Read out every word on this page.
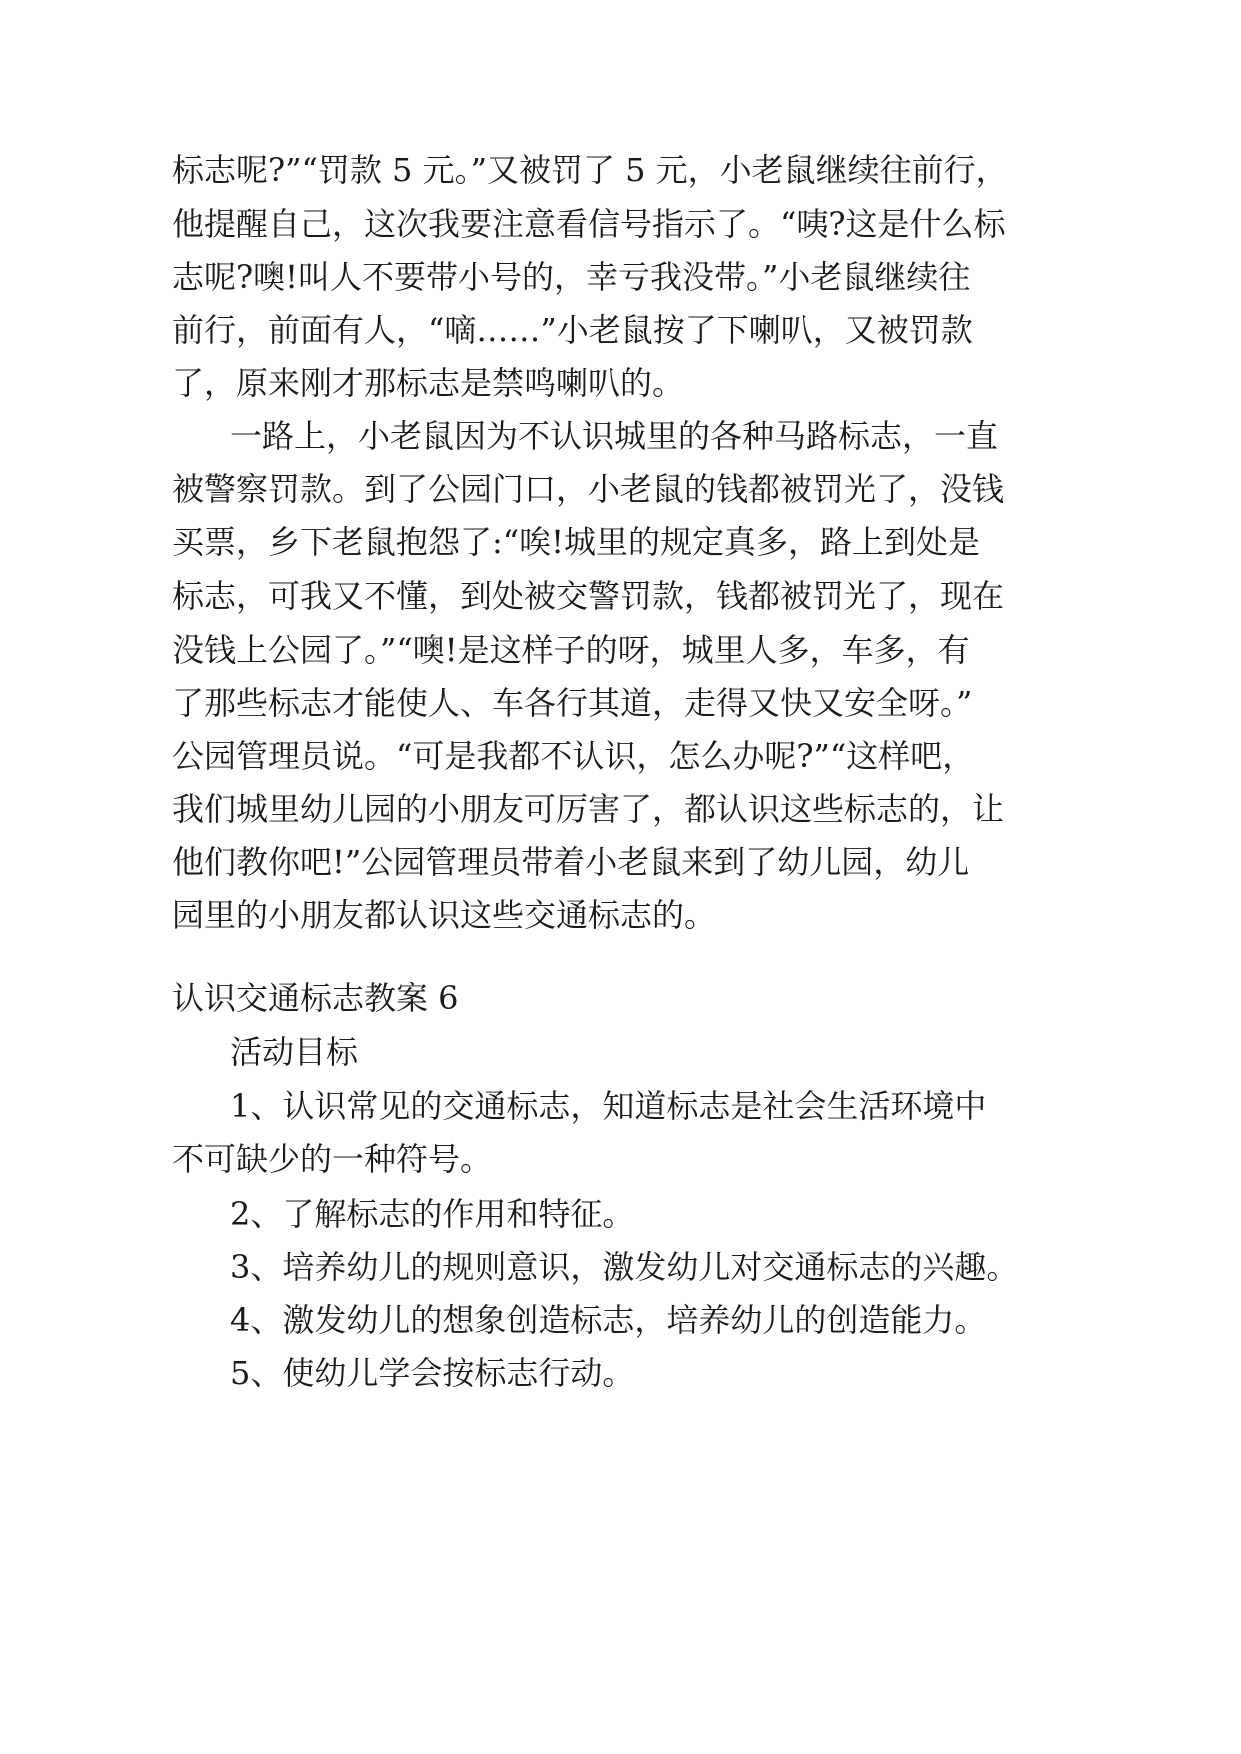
标志呢?”“罚款 5 元。”又被罚了 5 元，小老鼠继续往前行，
他提醒自己，这次我要注意看信号指示了。“咦?这是什么标
志呢?噢!叫人不要带小号的，幸亏我没带。”小老鼠继续往
前行，前面有人，“嘀……”小老鼠按了下喇叭，又被罚款
了，原来刚才那标志是禁鸣喇叭的。
一路上，小老鼠因为不认识城里的各种马路标志，一直
被警察罚款。到了公园门口，小老鼠的钱都被罚光了，没钱
买票，乡下老鼠抱怨了:“唉!城里的规定真多，路上到处是
标志，可我又不懂，到处被交警罚款，钱都被罚光了，现在
没钱上公园了。”“噢!是这样子的呀，城里人多，车多，有
了那些标志才能使人、车各行其道，走得又快又安全呀。”
公园管理员说。“可是我都不认识，怎么办呢?”“这样吧，
我们城里幼儿园的小朋友可厉害了，都认识这些标志的，让
他们教你吧!”公园管理员带着小老鼠来到了幼儿园，幼儿
园里的小朋友都认识这些交通标志的。
认识交通标志教案 6
活动目标
1、认识常见的交通标志，知道标志是社会生活环境中
不可缺少的一种符号。
2、了解标志的作用和特征。
3、培养幼儿的规则意识，激发幼儿对交通标志的兴趣。
4、激发幼儿的想象创造标志，培养幼儿的创造能力。
5、使幼儿学会按标志行动。
